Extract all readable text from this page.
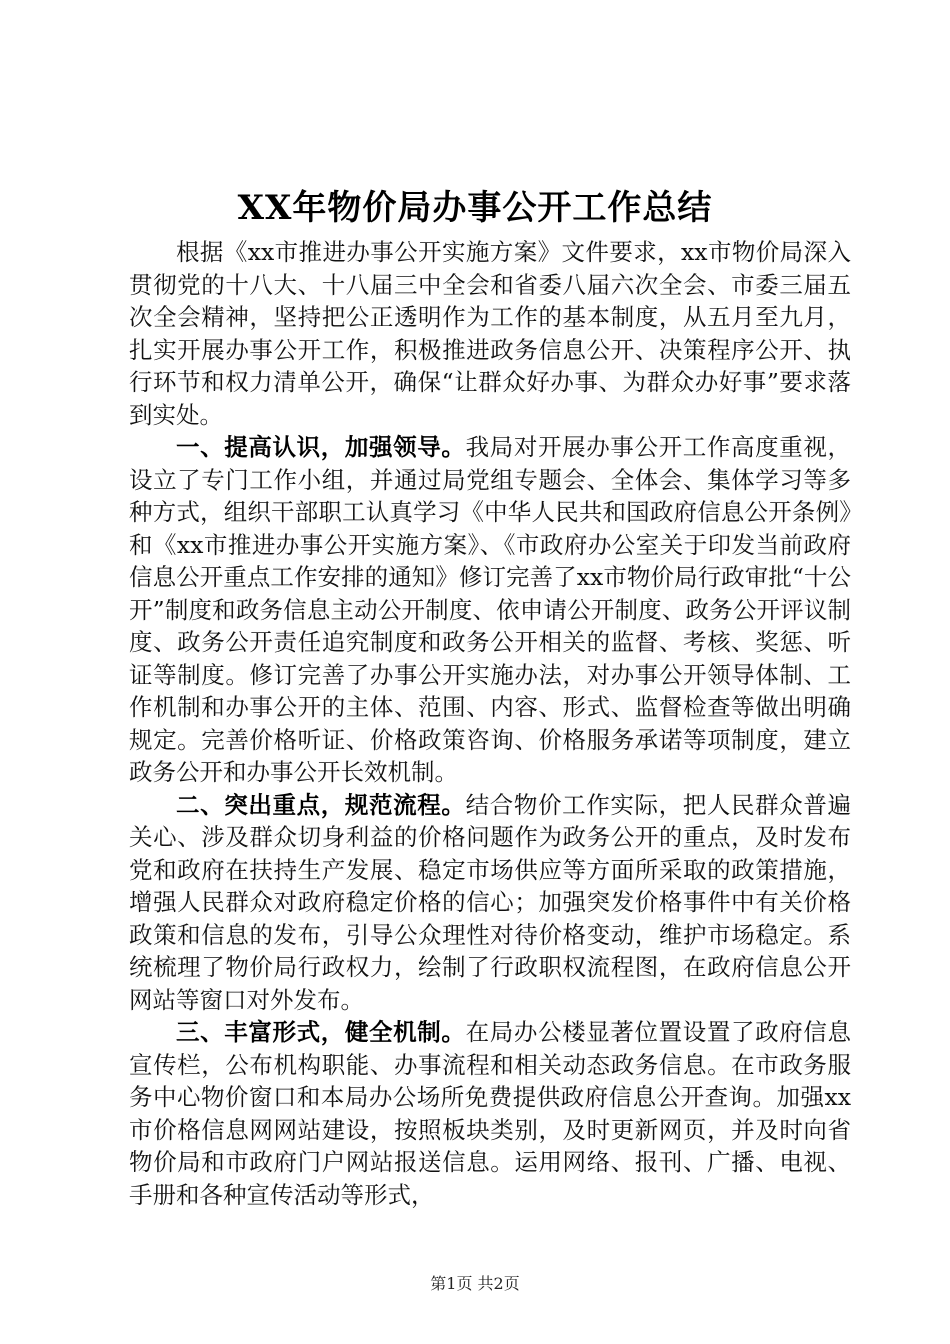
XX年物价局办事公开工作总结

根据《xx市推进办事公开实施方案》文件要求，xx市物价局深入贯彻党的十八大、十八届三中全会和省委八届六次全会、市委三届五次全会精神，坚持把公正透明作为工作的基本制度，从五月至九月，扎实开展办事公开工作，积极推进政务信息公开、决策程序公开、执行环节和权力清单公开，确保“让群众好办事、为群众办好事”要求落到实处。

一、提高认识，加强领导。我局对开展办事公开工作高度重视，设立了专门工作小组，并通过局党组专题会、全体会、集体学习等多种方式，组织干部职工认真学习《中华人民共和国政府信息公开条例》和《xx市推进办事公开实施方案》、《市政府办公室关于印发当前政府信息公开重点工作安排的通知》修订完善了xx市物价局行政审批“十公开”制度和政务信息主动公开制度、依申请公开制度、政务公开评议制度、政务公开责任追究制度和政务公开相关的监督、考核、奖惩、听证等制度。修订完善了办事公开实施办法，对办事公开领导体制、工作机制和办事公开的主体、范围、内容、形式、监督检查等做出明确规定。完善价格听证、价格政策咨询、价格服务承诺等项制度，建立政务公开和办事公开长效机制。

二、突出重点，规范流程。结合物价工作实际，把人民群众普遍关心、涉及群众切身利益的价格问题作为政务公开的重点，及时发布党和政府在扶持生产发展、稳定市场供应等方面所采取的政策措施，增强人民群众对政府稳定价格的信心；加强突发价格事件中有关价格政策和信息的发布，引导公众理性对待价格变动，维护市场稳定。系统梳理了物价局行政权力，绘制了行政职权流程图，在政府信息公开网站等窗口对外发布。

三、丰富形式，健全机制。在局办公楼显著位置设置了政府信息宣传栏，公布机构职能、办事流程和相关动态政务信息。在市政务服务中心物价窗口和本局办公场所免费提供政府信息公开查询。加强xx市价格信息网网站建设，按照板块类别，及时更新网页，并及时向省物价局和市政府门户网站报送信息。运用网络、报刊、广播、电视、手册和各种宣传活动等形式，

第1页 共2页
